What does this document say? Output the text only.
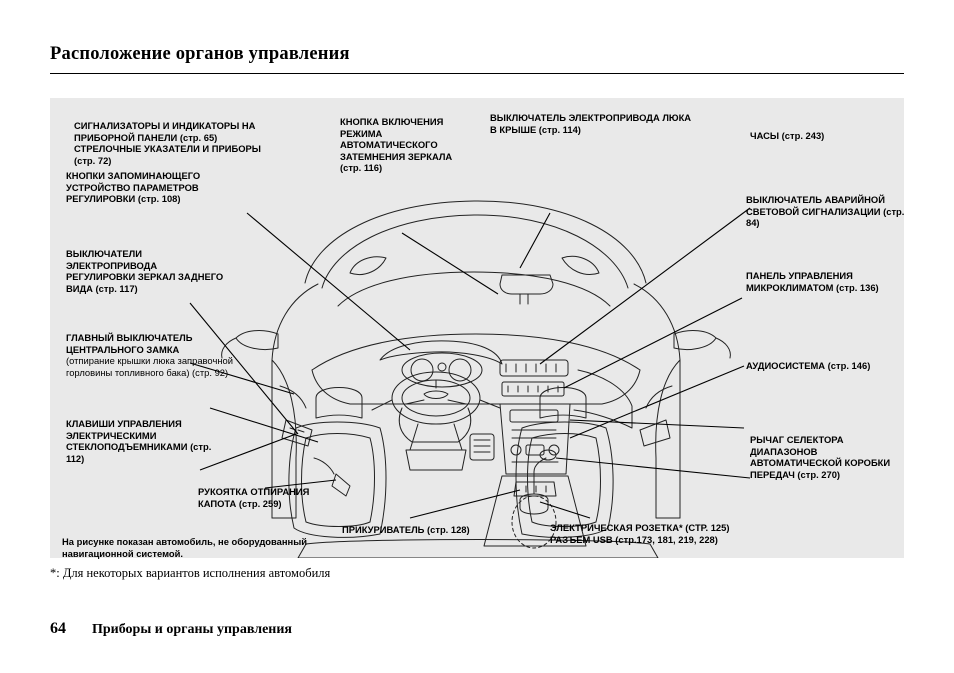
Расположение органов управления
СИГНАЛИЗАТОРЫ И ИНДИКАТОРЫ НА ПРИБОРНОЙ ПАНЕЛИ (стр. 65) СТРЕЛОЧНЫЕ УКАЗАТЕЛИ И ПРИБОРЫ (стр. 72)
КНОПКИ ЗАПОМИНАЮЩЕГО УСТРОЙСТВО ПАРАМЕТРОВ РЕГУЛИРОВКИ (стр. 108)
ВЫКЛЮЧАТЕЛИ ЭЛЕКТРОПРИВОДА РЕГУЛИРОВКИ ЗЕРКАЛ ЗАДНЕГО ВИДА (стр. 117)
ГЛАВНЫЙ ВЫКЛЮЧАТЕЛЬ ЦЕНТРАЛЬНОГО ЗАМКА
(отпирание крышки люка заправочной горловины топливного бака) (стр. 92)
КЛАВИШИ УПРАВЛЕНИЯ ЭЛЕКТРИЧЕСКИМИ СТЕКЛОПОДЪЕМНИКАМИ (стр. 112)
РУКОЯТКА ОТПИРАНИЯ КАПОТА (стр. 259)
КНОПКА ВКЛЮЧЕНИЯ РЕЖИМА АВТОМАТИЧЕСКОГО ЗАТЕМНЕНИЯ ЗЕРКАЛА (стр. 116)
ВЫКЛЮЧАТЕЛЬ ЭЛЕКТРОПРИВОДА ЛЮКА В КРЫШЕ (стр. 114)
ЧАСЫ (стр. 243)
ВЫКЛЮЧАТЕЛЬ АВАРИЙНОЙ СВЕТОВОЙ СИГНАЛИЗАЦИИ (стр. 84)
ПАНЕЛЬ УПРАВЛЕНИЯ МИКРОКЛИМАТОМ (стр. 136)
АУДИОСИСТЕМА (стр. 146)
РЫЧАГ СЕЛЕКТОРА ДИАПАЗОНОВ АВТОМАТИЧЕСКОЙ КОРОБКИ ПЕРЕДАЧ (стр. 270)
ПРИКУРИВАТЕЛЬ (стр. 128)	ЭЛЕКТРИЧЕСКАЯ РОЗЕТКА* (СТР. 125) РАЗЪЕМ USB (стр.173, 181, 219, 228)
На рисунке показан автомобиль, не оборудованный навигационной системой.
*: Для некоторых вариантов исполнения автомобиля
64 Приборы и органы управления
